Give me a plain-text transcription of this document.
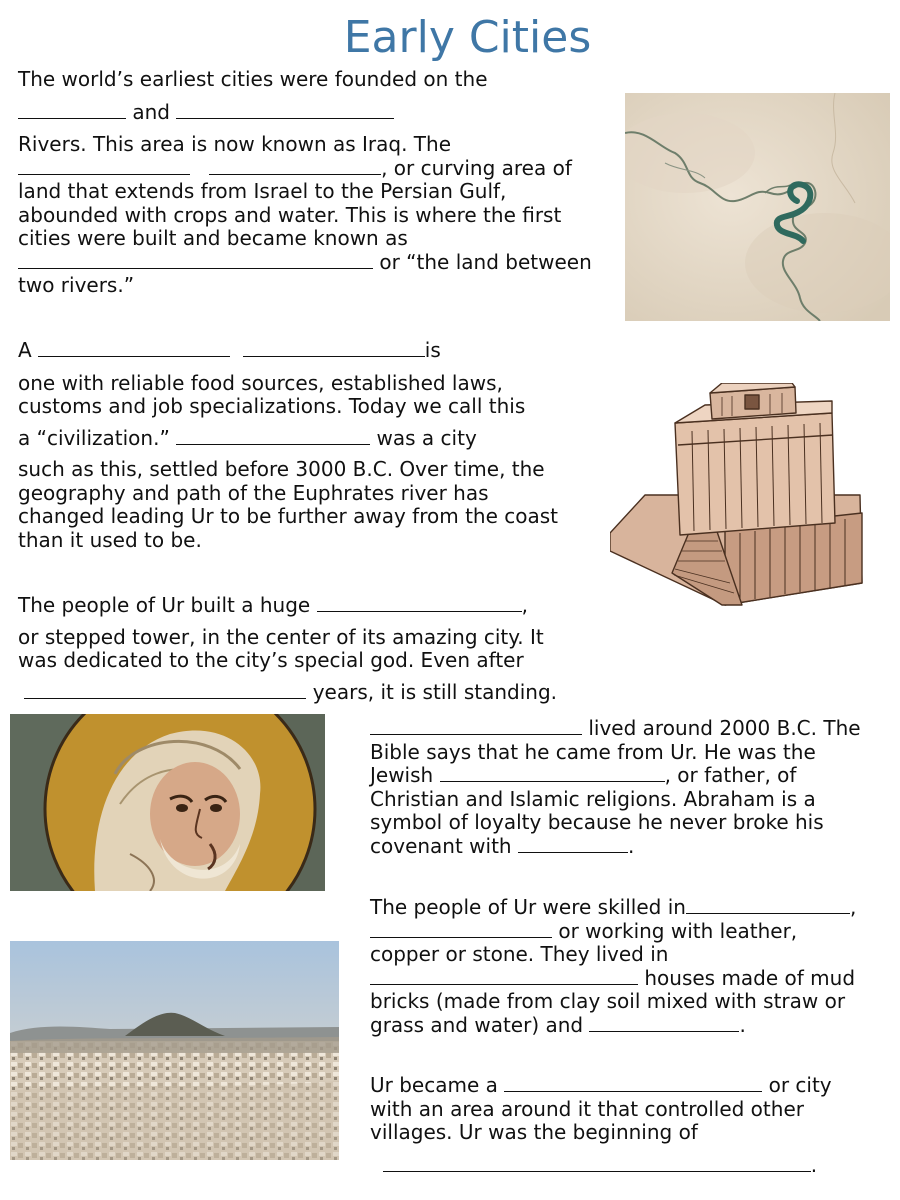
Early Cities
The world’s earliest cities were founded on the
and
Rivers. This area is now known as Iraq. The
, or curving area of
land that extends from Israel to the Persian Gulf,
abounded with crops and water. This is where the first
cities were built and became known as
or “the land between
two rivers.”
A	is
one with reliable food sources, established laws,
customs and job specializations. Today we call this
a “civilization.”	was a city
such as this, settled before 3000 B.C. Over time, the
geography and path of the Euphrates river has
changed leading Ur to be further away from the coast
than it used to be.
The people of Ur built a huge	,
or stepped tower, in the center of its amazing city. It
was dedicated to the city’s special god. Even after
years, it is still standing.
lived around 2000 B.C. The
Bible says that he came from Ur. He was the
Jewish	, or father, of
Christian and Islamic religions. Abraham is a
symbol of loyalty because he never broke his
covenant with	.
The people of Ur were skilled in	,
or working with leather,
copper or stone. They lived in
houses made of mud
bricks (made from clay soil mixed with straw or
grass and water) and	.
Ur became a	or city
with an area around it that controlled other
villages. Ur was the beginning of
.
